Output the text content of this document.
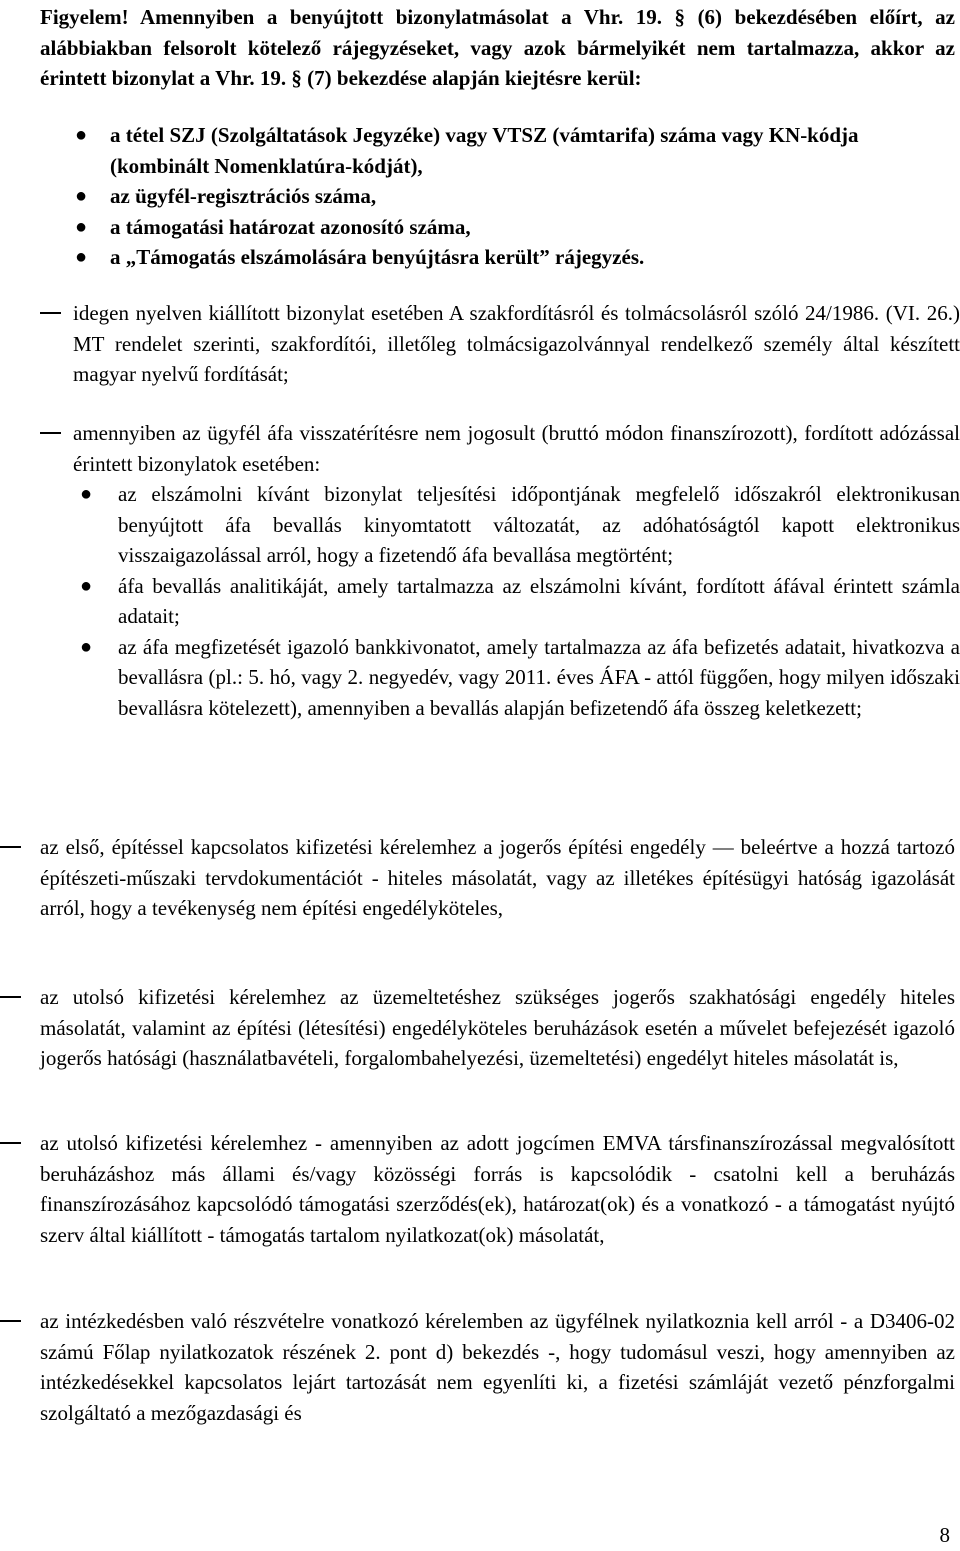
Figyelem! Amennyiben a benyújtott bizonylatmásolat a Vhr. 19. § (6) bekezdésében előírt, az alábbiakban felsorolt kötelező rájegyzéseket, vagy azok bármelyikét nem tartalmazza, akkor az érintett bizonylat a Vhr. 19. § (7) bekezdése alapján kiejtésre kerül:
● a tétel SZJ (Szolgáltatások Jegyzéke) vagy VTSZ (vámtarifa) száma vagy KN-kódja (kombinált Nomenklatúra-kódját),
● az ügyfél-regisztrációs száma,
● a támogatási határozat azonosító száma,
● a „Támogatás elszámolására benyújtásra került” rájegyzés.
idegen nyelven kiállított bizonylat esetében A szakfordításról és tolmácsolásról szóló 24/1986. (VI. 26.) MT rendelet szerinti, szakfordítói, illetőleg tolmácsigazolvánnyal rendelkező személy által készített magyar nyelvű fordítását;
amennyiben az ügyfél áfa visszatérítésre nem jogosult (bruttó módon finanszírozott), fordított adózással érintett bizonylatok esetében:
● az elszámolni kívánt bizonylat teljesítési időpontjának megfelelő időszakról elektronikusan benyújtott áfa bevallás kinyomtatott változatát, az adóhatóságtól kapott elektronikus visszaigazolással arról, hogy a fizetendő áfa bevallása megtörtént;
● áfa bevallás analitikáját, amely tartalmazza az elszámolni kívánt, fordított áfával érintett számla adatait;
● az áfa megfizetését igazoló bankkivonatot, amely tartalmazza az áfa befizetés adatait, hivatkozva a bevallásra (pl.: 5. hó, vagy 2. negyedév, vagy 2011. éves ÁFA - attól függően, hogy milyen időszaki bevallásra kötelezett), amennyiben a bevallás alapján befizetendő áfa összeg keletkezett;
az első, építéssel kapcsolatos kifizetési kérelemhez a jogerős építési engedély — beleértve a hozzá tartozó építészeti-műszaki tervdokumentációt - hiteles másolatát, vagy az illetékes építésügyi hatóság igazolását arról, hogy a tevékenység nem építési engedélyköteles,
az utolsó kifizetési kérelemhez az üzemeltetéshez szükséges jogerős szakhatósági engedély hiteles másolatát, valamint az építési (létesítési) engedélyköteles beruházások esetén a művelet befejezését igazoló jogerős hatósági (használatbavételi, forgalombahelyezési, üzemeltetési) engedélyt hiteles másolatát is,
az utolsó kifizetési kérelemhez - amennyiben az adott jogcímen EMVA társfinanszírozással megvalósított beruházáshoz más állami és/vagy közösségi forrás is kapcsolódik - csatolni kell a beruházás finanszírozásához kapcsolódó támogatási szerződés(ek), határozat(ok) és a vonatkozó - a támogatást nyújtó szerv által kiállított - támogatás tartalom nyilatkozat(ok) másolatát,
az intézkedésben való részvételre vonatkozó kérelemben az ügyfélnek nyilatkoznia kell arról - a D3406-02 számú Főlap nyilatkozatok részének 2. pont d) bekezdés -, hogy tudomásul veszi, hogy amennyiben az intézkedésekkel kapcsolatos lejárt tartozását nem egyenlíti ki, a fizetési számláját vezető pénzforgalmi szolgáltató a mezőgazdasági és
8
